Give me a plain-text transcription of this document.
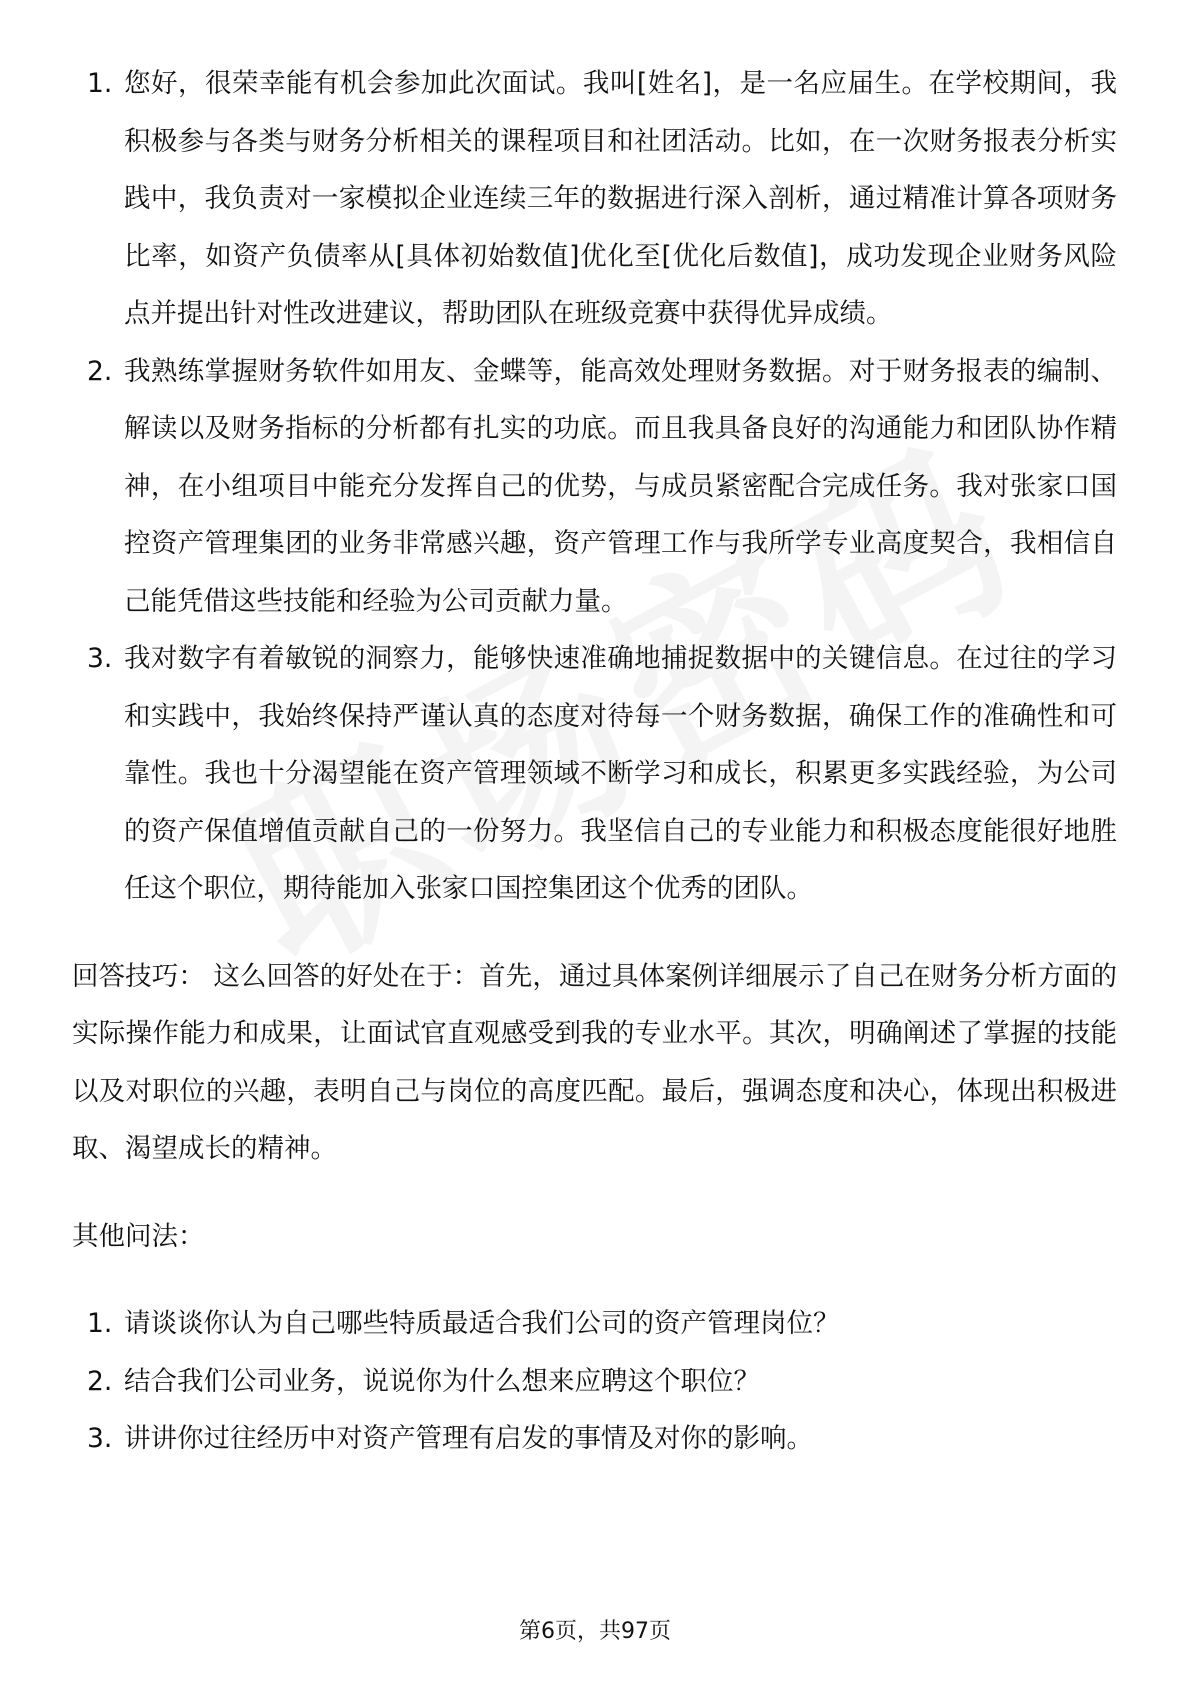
1. 您好，很荣幸能有机会参加此次面试。我叫[姓名]，是一名应届生。在学校期间，我积极参与各类与财务分析相关的课程项目和社团活动。比如，在一次财务报表分析实践中，我负责对一家模拟企业连续三年的数据进行深入剖析，通过精准计算各项财务比率，如资产负债率从[具体初始数值]优化至[优化后数值]，成功发现企业财务风险点并提出针对性改进建议，帮助团队在班级竞赛中获得优异成绩。
2. 我熟练掌握财务软件如用友、金蝶等，能高效处理财务数据。对于财务报表的编制、解读以及财务指标的分析都有扎实的功底。而且我具备良好的沟通能力和团队协作精神，在小组项目中能充分发挥自己的优势，与成员紧密配合完成任务。我对张家口国控资产管理集团的业务非常感兴趣，资产管理工作与我所学专业高度契合，我相信自己能凭借这些技能和经验为公司贡献力量。
3. 我对数字有着敏锐的洞察力，能够快速准确地捕捉数据中的关键信息。在过往的学习和实践中，我始终保持严谨认真的态度对待每一个财务数据，确保工作的准确性和可靠性。我也十分渴望能在资产管理领域不断学习和成长，积累更多实践经验，为公司的资产保值增值贡献自己的一份努力。我坚信自己的专业能力和积极态度能很好地胜任这个职位，期待能加入张家口国控集团这个优秀的团队。

回答技巧： 这么回答的好处在于：首先，通过具体案例详细展示了自己在财务分析方面的实际操作能力和成果，让面试官直观感受到我的专业水平。其次，明确阐述了掌握的技能以及对职位的兴趣，表明自己与岗位的高度匹配。最后，强调态度和决心，体现出积极进取、渴望成长的精神。

其他问法：

1. 请谈谈你认为自己哪些特质最适合我们公司的资产管理岗位？
2. 结合我们公司业务，说说你为什么想来应聘这个职位？
3. 讲讲你过往经历中对资产管理有启发的事情及对你的影响。
第6页，共97页
